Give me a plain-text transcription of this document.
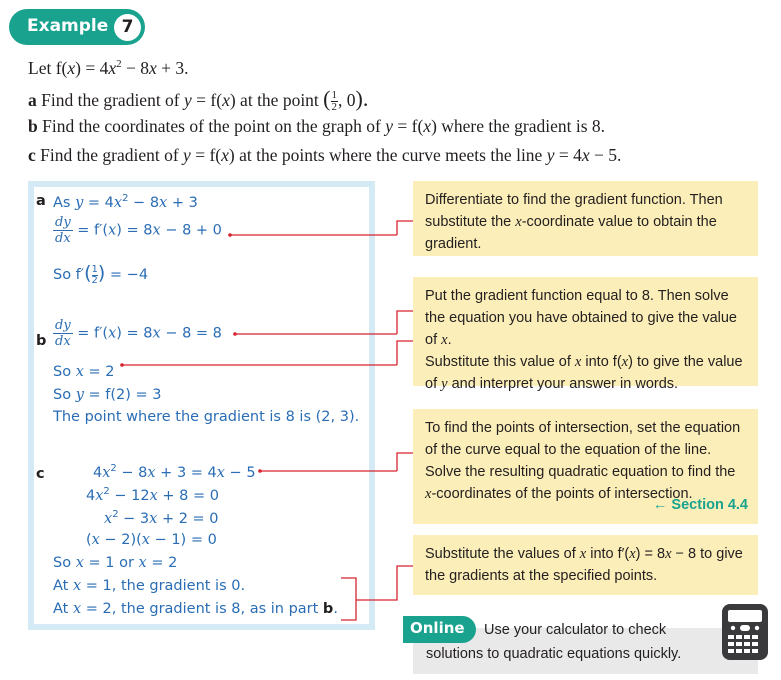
Example 7
Let $f(x) = 4x^2 - 8x + 3$.
a Find the gradient of y = f(x) at the point ( $\frac{1}{2}$ , 0).
b Find the coordinates of the point on the graph of y = f(x) where the gradient is 8.
c Find the gradient of y = f(x) at the points where the curve meets the line y = 4x − 5.
a As $y = 4x^2 - 8x + 3$
$\frac{dy}{dx} = f'(x) = 8x - 8 + 0$
So $f'( \frac{1}{2}$ ) = −4
b $\frac{dy}{dx} = f'(x) = 8x - 8 = 8$
So x = 2
So y = f(2) = 3
The point where the gradient is 8 is (2, 3).
c	$4x^2 - 8x + 3 = 4x - 5$
$4x^2 - 12x + 8 = 0$
$x^2 - 3x + 2 = 0$
(x − 2)(x − 1) = 0
So x = 1 or x = 2
At x = 1, the gradient is 0.
At x = 2, the gradient is 8, as in part b.
Differentiate to find the gradient function. Then substitute the x-coordinate value to obtain the gradient.
Put the gradient function equal to 8. Then solve the equation you have obtained to give the value of x.
Substitute this value of x into f(x) to give the value of y and interpret your answer in words.
To find the points of intersection, set the equation of the curve equal to the equation of the line. Solve the resulting quadratic equation to find the x-coordinates of the points of intersection.
← Section 4.4
Substitute the values of x into f′(x) = 8x − 8 to give the gradients at the specified points.
Online	Use your calculator to check
solutions to quadratic equations quickly.
